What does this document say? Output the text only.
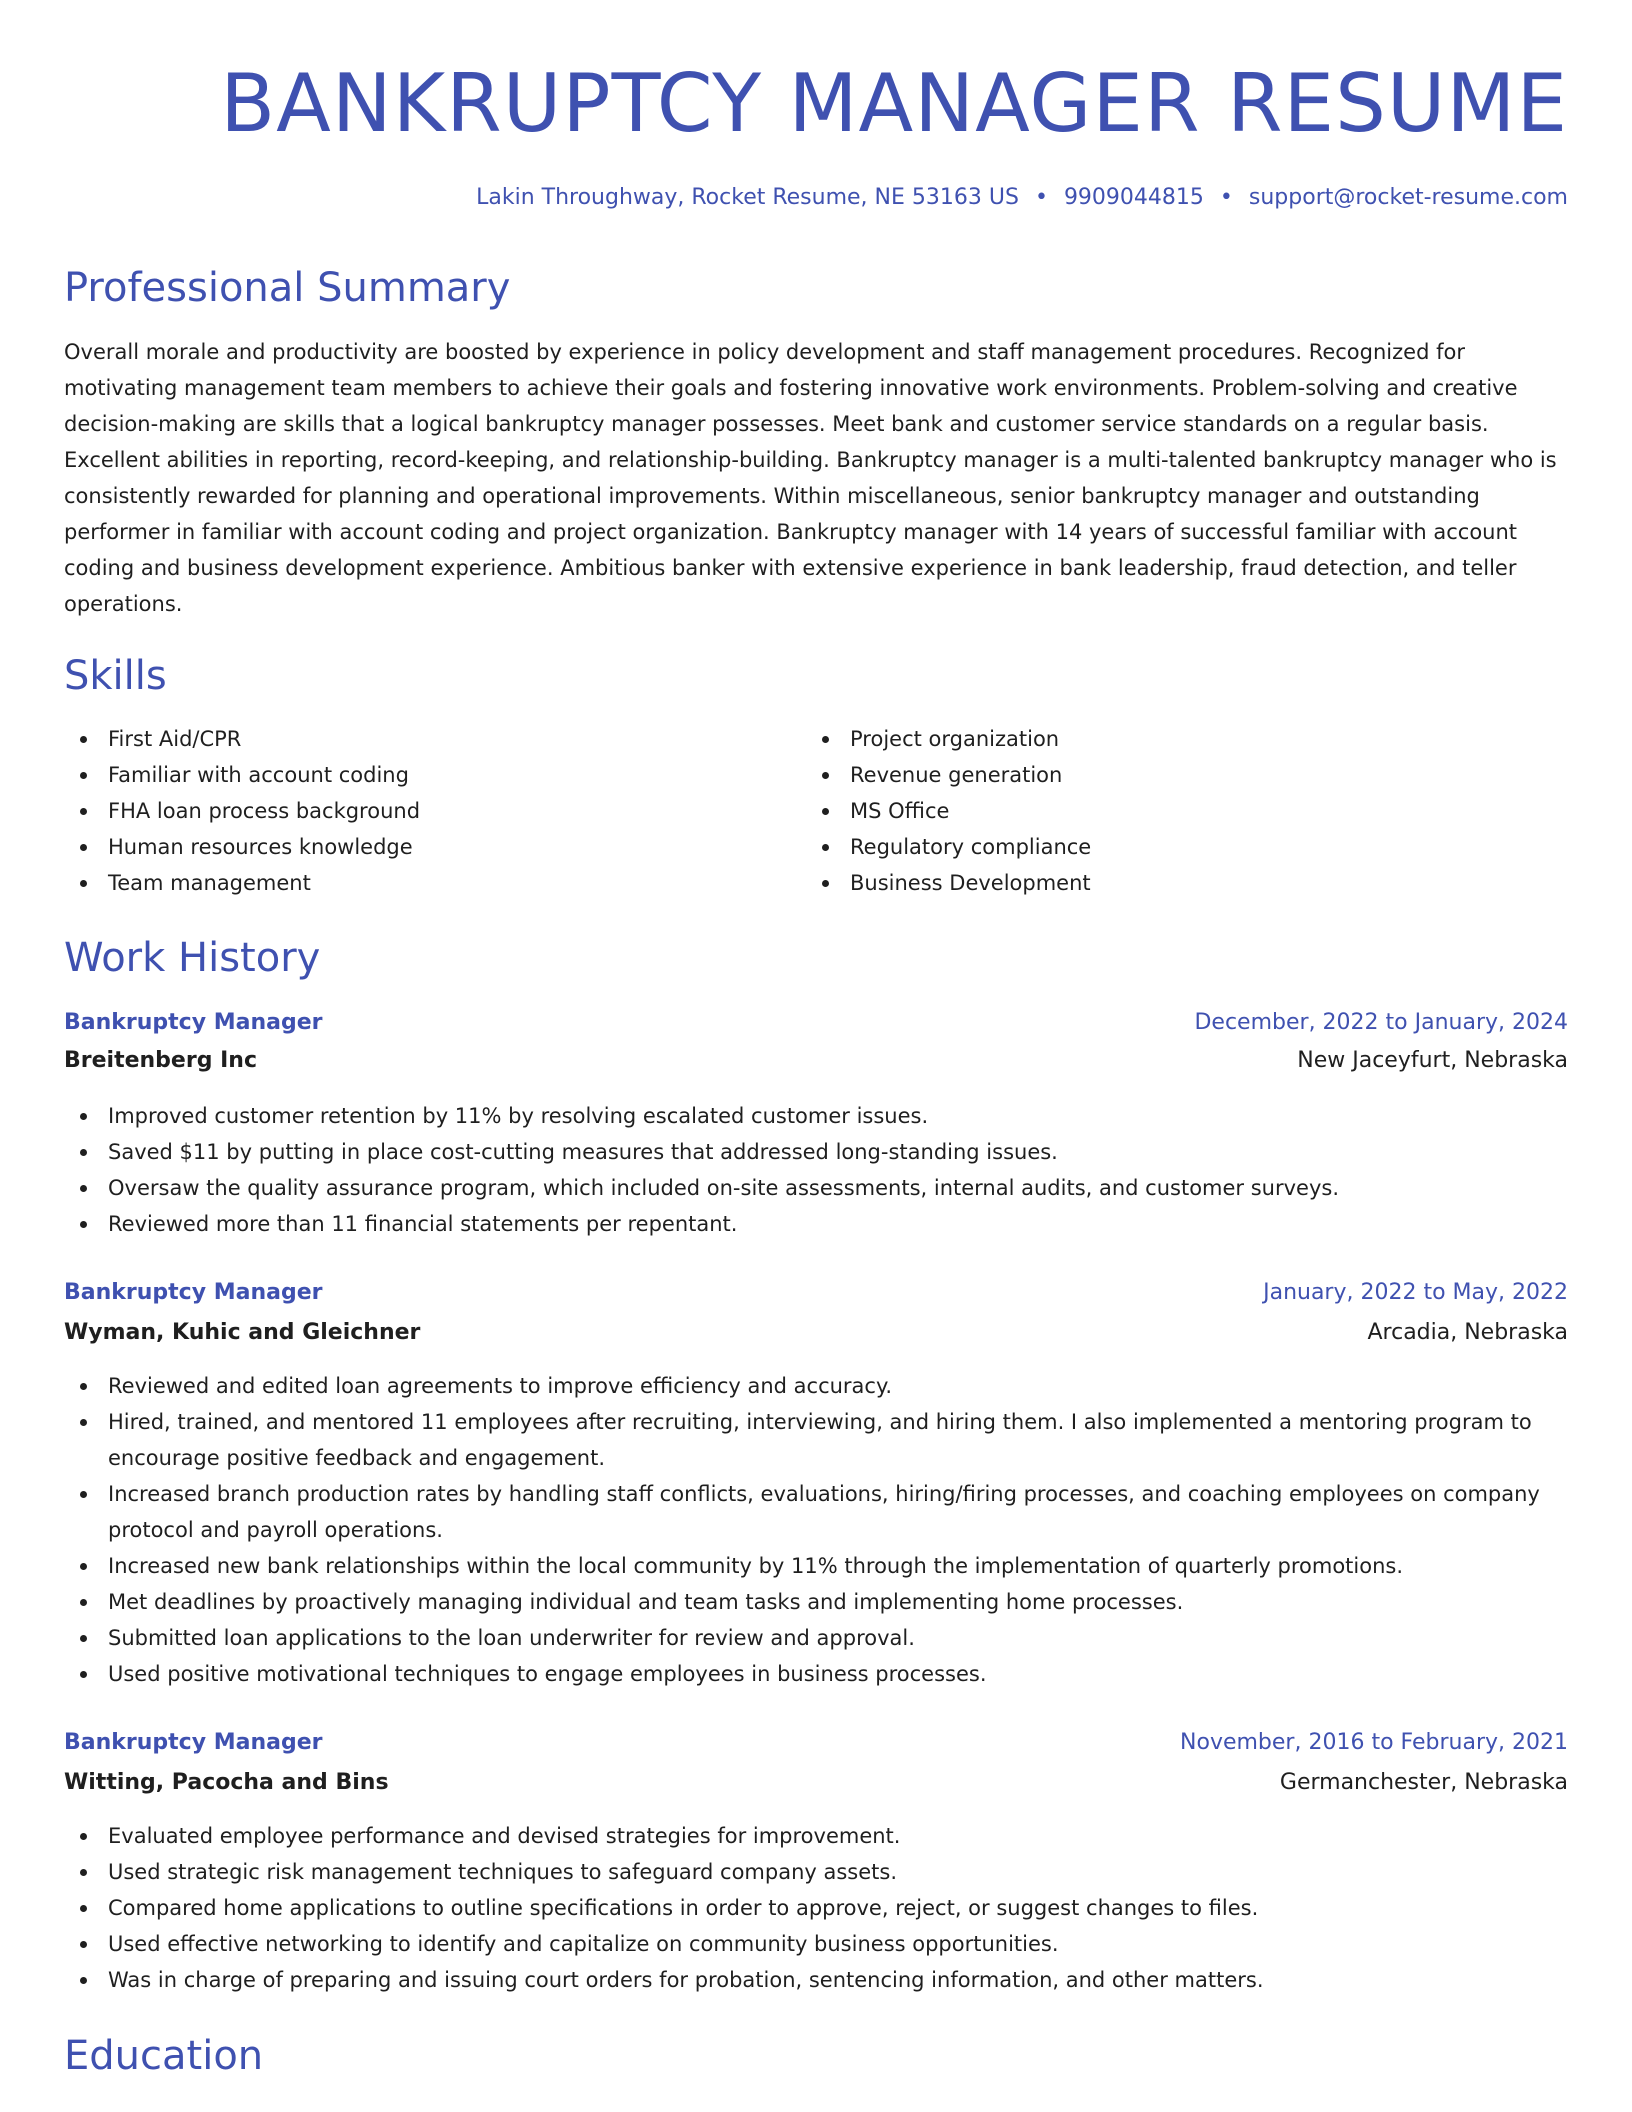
BANKRUPTCY MANAGER RESUME
Lakin Throughway, Rocket Resume, NE 53163 US • 9909044815 • support@rocket-resume.com
Professional Summary

Overall morale and productivity are boosted by experience in policy development and staff management procedures. Recognized for motivating management team members to achieve their goals and fostering innovative work environments. Problem-solving and creative decision-making are skills that a logical bankruptcy manager possesses. Meet bank and customer service standards on a regular basis. Excellent abilities in reporting, record-keeping, and relationship-building. Bankruptcy manager is a multi-talented bankruptcy manager who is consistently rewarded for planning and operational improvements. Within miscellaneous, senior bankruptcy manager and outstanding performer in familiar with account coding and project organization. Bankruptcy manager with 14 years of successful familiar with account coding and business development experience. Ambitious banker with extensive experience in bank leadership, fraud detection, and teller operations.

Skills
First Aid/CPR
Familiar with account coding
FHA loan process background
Human resources knowledge
Team management
Project organization
Revenue generation
MS Office
Regulatory compliance
Business Development
Work History
Bankruptcy Manager	December, 2022 to January, 2024
Breitenberg Inc	New Jaceyfurt, Nebraska
Improved customer retention by 11% by resolving escalated customer issues.
Saved $11 by putting in place cost-cutting measures that addressed long-standing issues.
Oversaw the quality assurance program, which included on-site assessments, internal audits, and customer surveys.
Reviewed more than 11 financial statements per repentant.
Bankruptcy Manager	January, 2022 to May, 2022
Wyman, Kuhic and Gleichner	Arcadia, Nebraska
Reviewed and edited loan agreements to improve efficiency and accuracy.
Hired, trained, and mentored 11 employees after recruiting, interviewing, and hiring them. I also implemented a mentoring program to encourage positive feedback and engagement.
Increased branch production rates by handling staff conflicts, evaluations, hiring/firing processes, and coaching employees on company protocol and payroll operations.
Increased new bank relationships within the local community by 11% through the implementation of quarterly promotions.
Met deadlines by proactively managing individual and team tasks and implementing home processes.
Submitted loan applications to the loan underwriter for review and approval.
Used positive motivational techniques to engage employees in business processes.
Bankruptcy Manager	November, 2016 to February, 2021
Witting, Pacocha and Bins	Germanchester, Nebraska
Evaluated employee performance and devised strategies for improvement.
Used strategic risk management techniques to safeguard company assets.
Compared home applications to outline specifications in order to approve, reject, or suggest changes to files.
Used effective networking to identify and capitalize on community business opportunities.
Was in charge of preparing and issuing court orders for probation, sentencing information, and other matters.
Education
